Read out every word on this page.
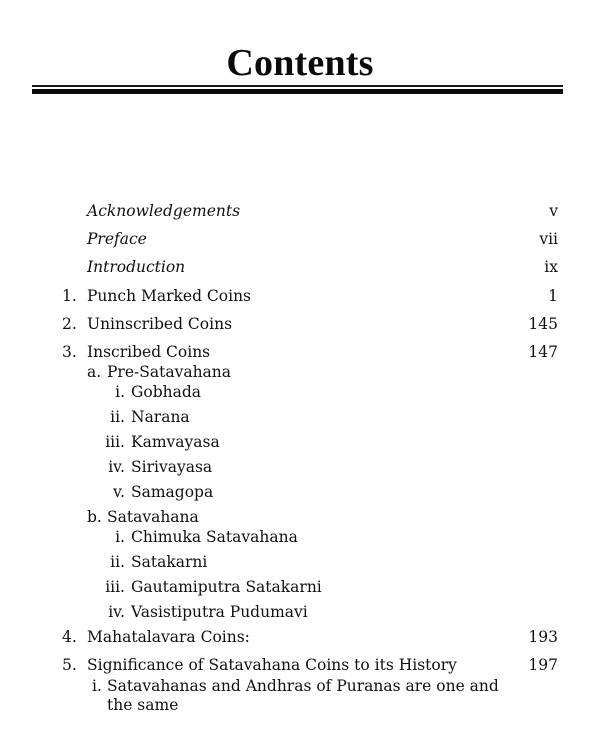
Contents
Acknowledgements	v
Preface	vii
Introduction	ix
1. Punch Marked Coins	1
2. Uninscribed Coins	145
3. Inscribed Coins	147
a. Pre-Satavahana
i. Gobhada
ii. Narana
iii. Kamvayasa
iv. Sirivayasa
v. Samagopa
b. Satavahana
i. Chimuka Satavahana
ii. Satakarni
iii. Gautamiputra Satakarni
iv. Vasistiputra Pudumavi
4. Mahatalavara Coins:	193
5. Significance of Satavahana Coins to its History	197
i. Satavahanas and Andhras of Puranas are one and
the same
